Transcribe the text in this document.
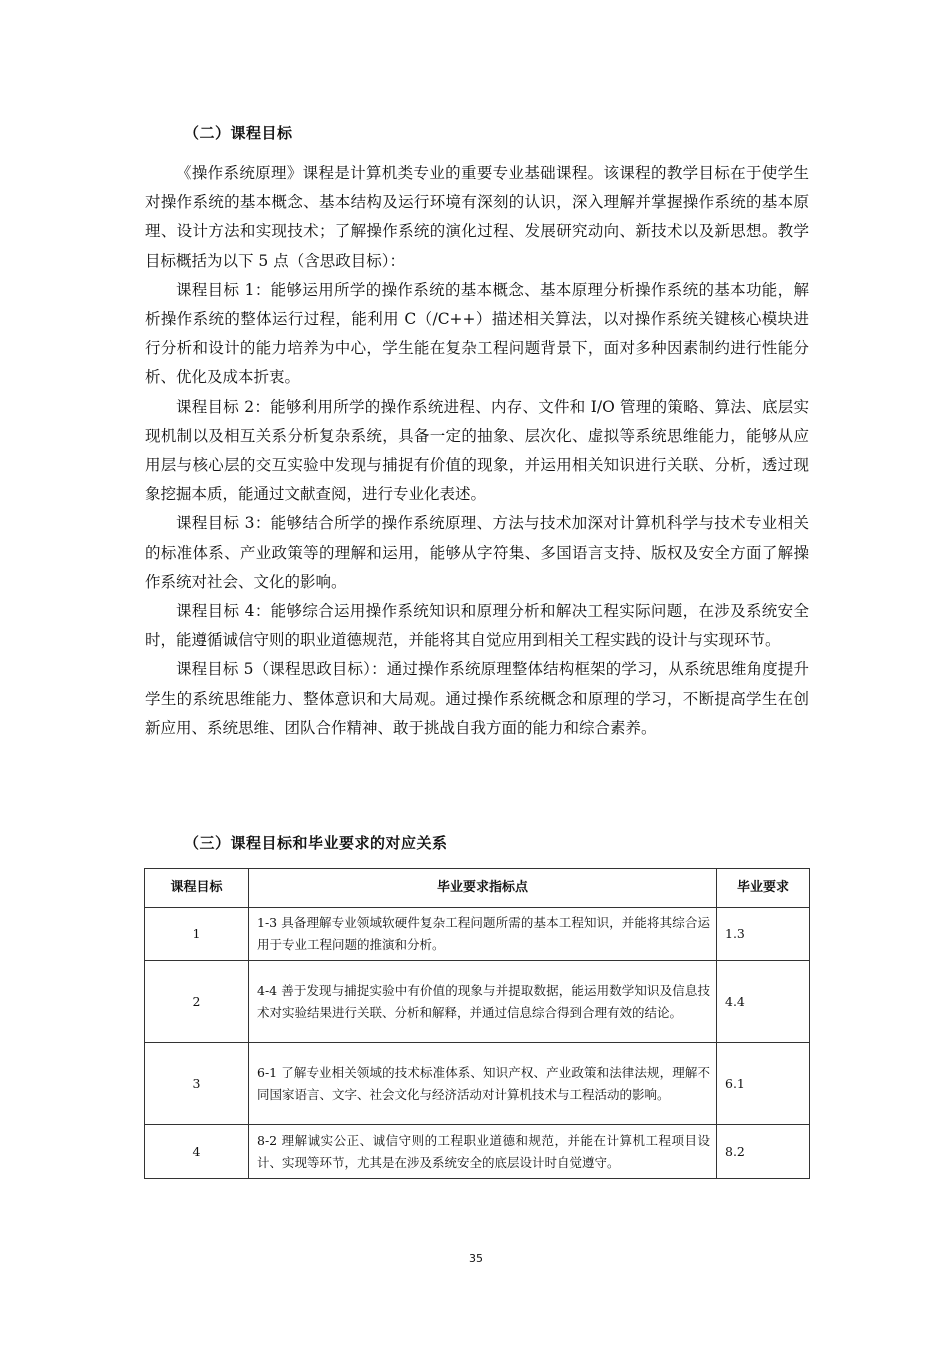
（二）课程目标

《操作系统原理》课程是计算机类专业的重要专业基础课程。该课程的教学目标在于使学生对操作系统的基本概念、基本结构及运行环境有深刻的认识，深入理解并掌握操作系统的基本原理、设计方法和实现技术；了解操作系统的演化过程、发展研究动向、新技术以及新思想。教学目标概括为以下 5 点（含思政目标）：

课程目标 1：能够运用所学的操作系统的基本概念、基本原理分析操作系统的基本功能，解析操作系统的整体运行过程，能利用 C（/C++）描述相关算法，以对操作系统关键核心模块进行分析和设计的能力培养为中心，学生能在复杂工程问题背景下，面对多种因素制约进行性能分析、优化及成本折衷。

课程目标 2：能够利用所学的操作系统进程、内存、文件和 I/O 管理的策略、算法、底层实现机制以及相互关系分析复杂系统，具备一定的抽象、层次化、虚拟等系统思维能力，能够从应用层与核心层的交互实验中发现与捕捉有价值的现象，并运用相关知识进行关联、分析，透过现象挖掘本质，能通过文献查阅，进行专业化表述。

课程目标 3：能够结合所学的操作系统原理、方法与技术加深对计算机科学与技术专业相关的标准体系、产业政策等的理解和运用，能够从字符集、多国语言支持、版权及安全方面了解操作系统对社会、文化的影响。

课程目标 4：能够综合运用操作系统知识和原理分析和解决工程实际问题，在涉及系统安全时，能遵循诚信守则的职业道德规范，并能将其自觉应用到相关工程实践的设计与实现环节。

课程目标 5（课程思政目标）：通过操作系统原理整体结构框架的学习，从系统思维角度提升学生的系统思维能力、整体意识和大局观。通过操作系统概念和原理的学习，不断提高学生在创新应用、系统思维、团队合作精神、敢于挑战自我方面的能力和综合素养。

（三）课程目标和毕业要求的对应关系
课程目标	毕业要求指标点	毕业要求
1	1-3 具备理解专业领域软硬件复杂工程问题所需的基本工程知识，并能将其综合运用于专业工程问题的推演和分析。	1.3
2	4-4 善于发现与捕捉实验中有价值的现象与并提取数据，能运用数学知识及信息技术对实验结果进行关联、分析和解释，并通过信息综合得到合理有效的结论。	4.4
3	6-1 了解专业相关领域的技术标准体系、知识产权、产业政策和法律法规，理解不同国家语言、文字、社会文化与经济活动对计算机技术与工程活动的影响。	6.1
4	8-2 理解诚实公正、诚信守则的工程职业道德和规范，并能在计算机工程项目设计、实现等环节，尤其是在涉及系统安全的底层设计时自觉遵守。	8.2
35
